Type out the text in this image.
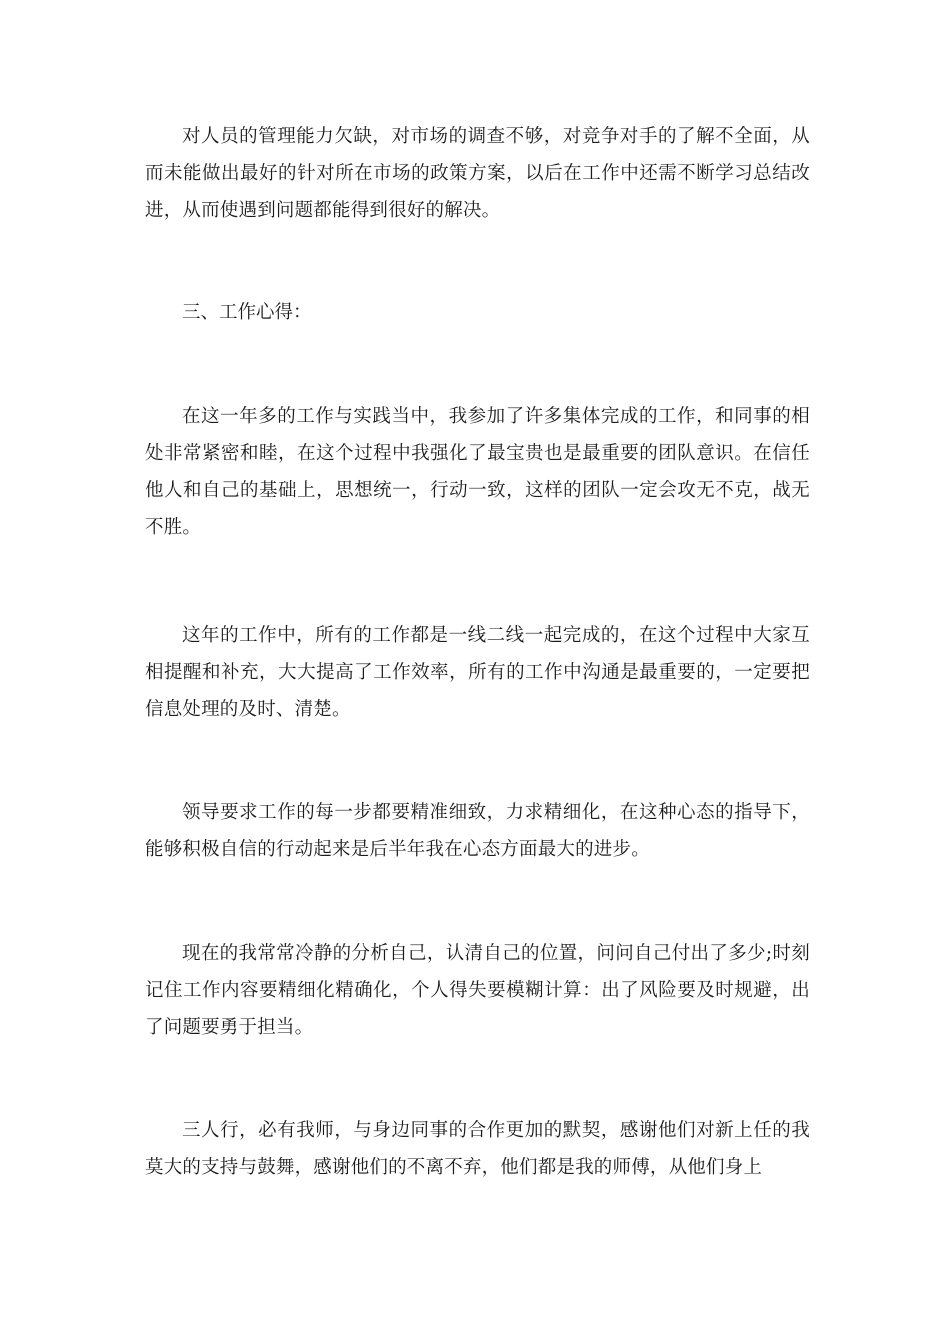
对人员的管理能力欠缺，对市场的调查不够，对竞争对手的了解不全面，从而未能做出最好的针对所在市场的政策方案，以后在工作中还需不断学习总结改进，从而使遇到问题都能得到很好的解决。

三、工作心得：

在这一年多的工作与实践当中，我参加了许多集体完成的工作，和同事的相处非常紧密和睦，在这个过程中我强化了最宝贵也是最重要的团队意识。在信任他人和自己的基础上，思想统一，行动一致，这样的团队一定会攻无不克，战无不胜。

这年的工作中，所有的工作都是一线二线一起完成的，在这个过程中大家互相提醒和补充，大大提高了工作效率，所有的工作中沟通是最重要的，一定要把信息处理的及时、清楚。

领导要求工作的每一步都要精准细致，力求精细化，在这种心态的指导下，能够积极自信的行动起来是后半年我在心态方面最大的进步。

现在的我常常冷静的分析自己，认清自己的位置，问问自己付出了多少;时刻记住工作内容要精细化精确化，个人得失要模糊计算：出了风险要及时规避，出了问题要勇于担当。

三人行，必有我师，与身边同事的合作更加的默契，感谢他们对新上任的我莫大的支持与鼓舞，感谢他们的不离不弃，他们都是我的师傅，从他们身上
